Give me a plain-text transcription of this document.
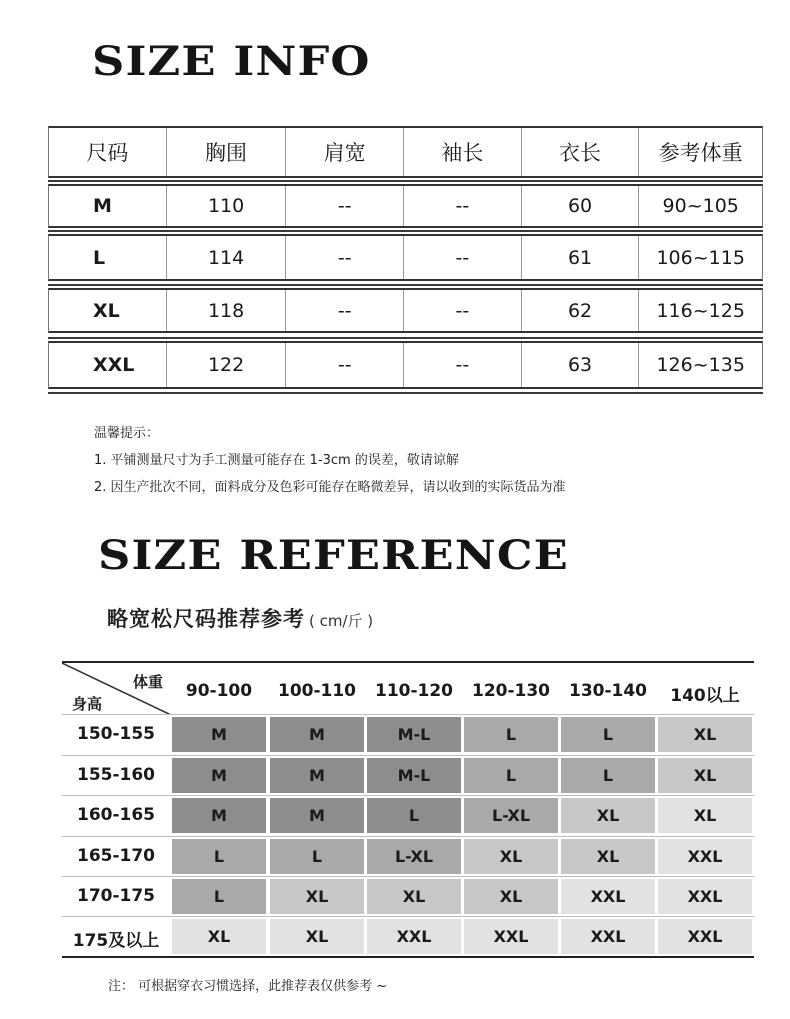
SIZE INFO
尺码	胸围	肩宽	袖长	衣长	参考体重
M	110	--	--	60	90~105
L	114	--	--	61	106~115
XL	118	--	--	62	116~125
XXL	122	--	--	63	126~135
温馨提示：
1. 平铺测量尺寸为手工测量可能存在 1-3cm 的误差，敬请谅解
2. 因生产批次不同，面料成分及色彩可能存在略微差异，请以收到的实际货品为准
SIZE REFERENCE
略宽松尺码推荐参考 ( cm/斤 )
体重
身高
90-100	100-110	110-120	120-130	130-140	140以上
150-155	M	M	M-L	L	L	XL
155-160	M	M	M-L	L	L	XL
160-165	M	M	L	L-XL	XL	XL
165-170	L	L	L-XL	XL	XL	XXL
170-175	L	XL	XL	XL	XXL	XXL
175及以上	XL	XL	XXL	XXL	XXL	XXL
注： 可根据穿衣习惯选择，此推荐表仅供参考 ~
